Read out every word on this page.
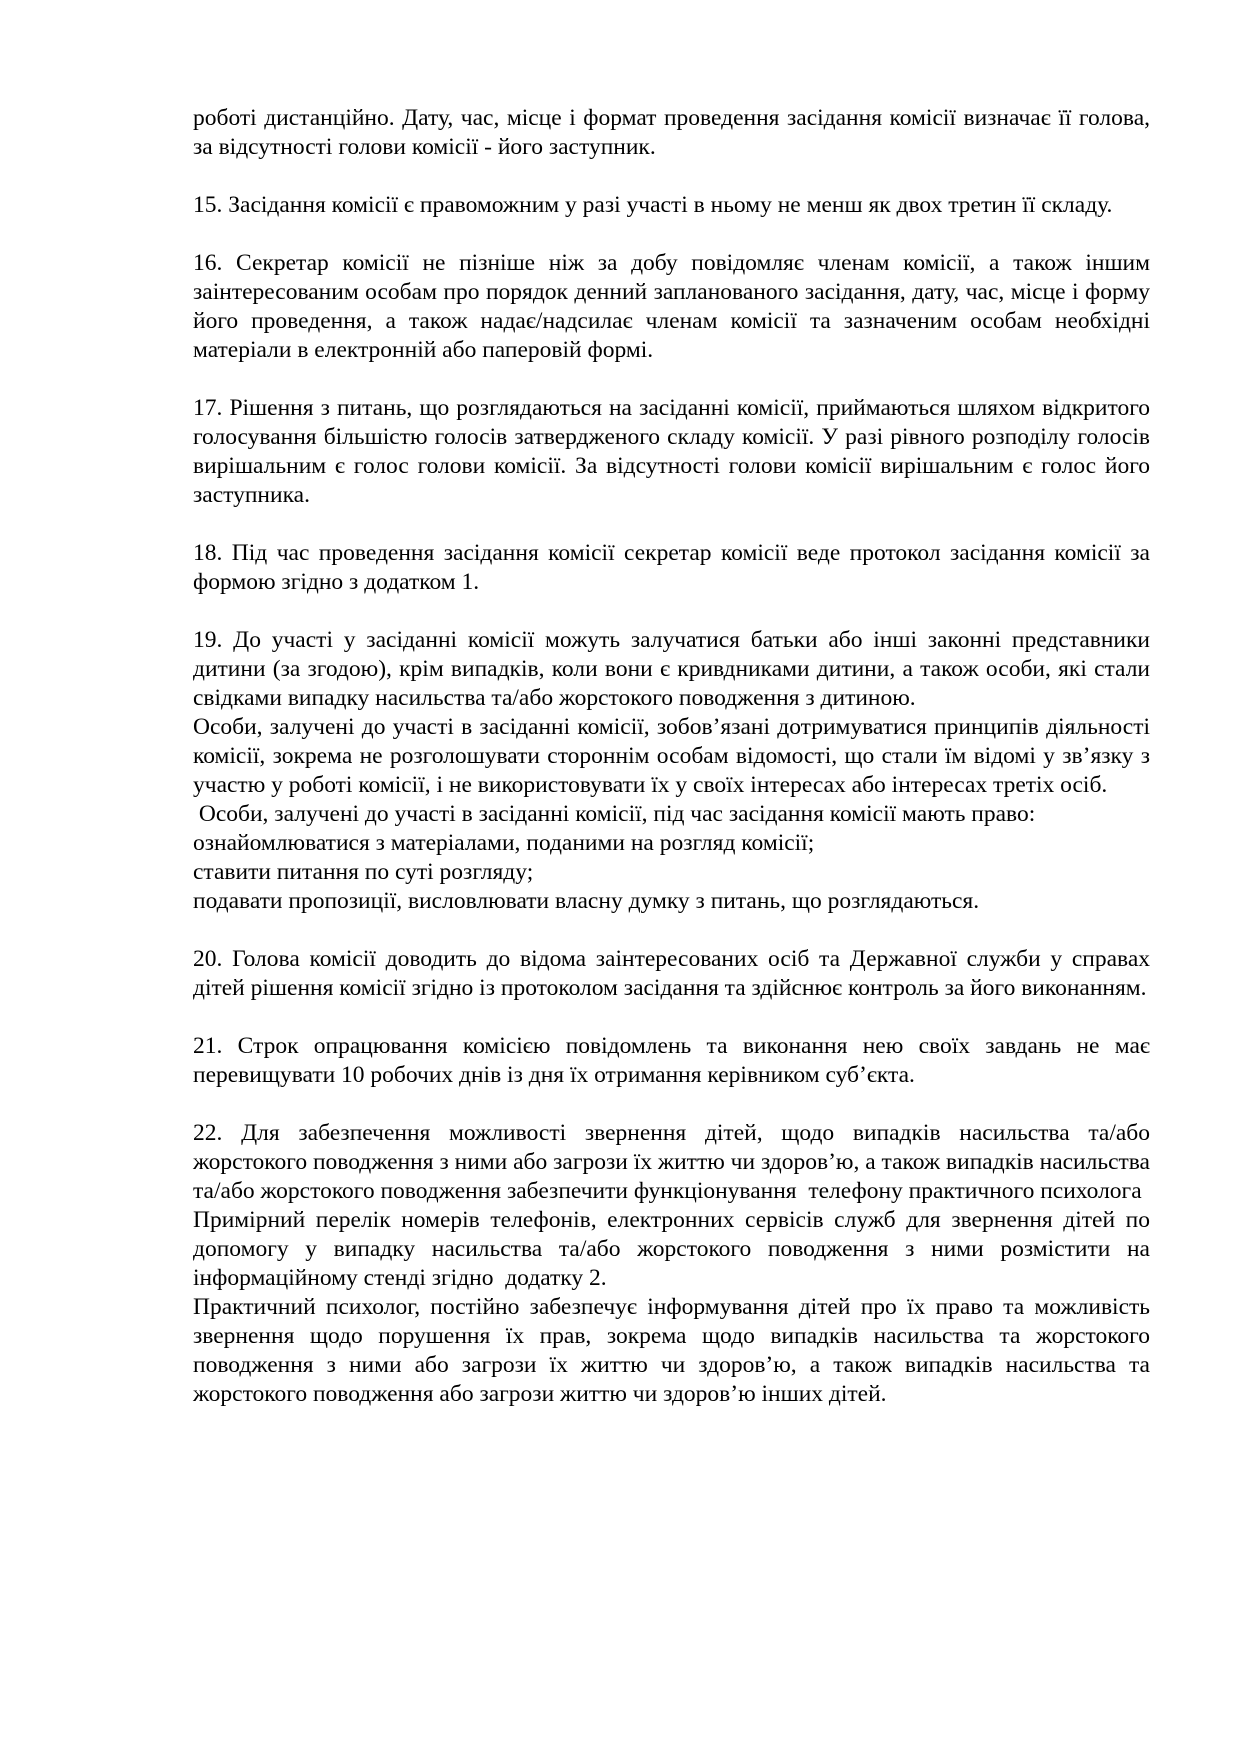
роботі дистанційно. Дату, час, місце і формат проведення засідання комісії визначає її голова, за відсутності голови комісії - його заступник.

15. Засідання комісії є правоможним у разі участі в ньому не менш як двох третин її складу.

16. Секретар комісії не пізніше ніж за добу повідомляє членам комісії, а також іншим заінтересованим особам про порядок денний запланованого засідання, дату, час, місце і форму його проведення, а також надає/надсилає членам комісії та зазначеним особам необхідні матеріали в електронній або паперовій формі.

17. Рішення з питань, що розглядаються на засіданні комісії, приймаються шляхом відкритого голосування більшістю голосів затвердженого складу комісії. У разі рівного розподілу голосів вирішальним є голос голови комісії. За відсутності голови комісії вирішальним є голос його заступника.

18. Під час проведення засідання комісії секретар комісії веде протокол засідання комісії за формою згідно з додатком 1.

19. До участі у засіданні комісії можуть залучатися батьки або інші законні представники дитини (за згодою), крім випадків, коли вони є кривдниками дитини, а також особи, які стали свідками випадку насильства та/або жорстокого поводження з дитиною.

Особи, залучені до участі в засіданні комісії, зобов’язані дотримуватися принципів діяльності комісії, зокрема не розголошувати стороннім особам відомості, що стали їм відомі у зв’язку з участю у роботі комісії, і не використовувати їх у своїх інтересах або інтересах третіх осіб.

Особи, залучені до участі в засіданні комісії, під час засідання комісії мають право:

ознайомлюватися з матеріалами, поданими на розгляд комісії;

ставити питання по суті розгляду;

подавати пропозиції, висловлювати власну думку з питань, що розглядаються.

20. Голова комісії доводить до відома заінтересованих осіб та Державної служби у справах дітей рішення комісії згідно із протоколом засідання та здійснює контроль за його виконанням.

21. Строк опрацювання комісією повідомлень та виконання нею своїх завдань не має перевищувати 10 робочих днів із дня їх отримання керівником суб’єкта.

22. Для забезпечення можливості звернення дітей, щодо випадків насильства та/або жорстокого поводження з ними або загрози їх життю чи здоров’ю, а також випадків насильства та/або жорстокого поводження забезпечити функціонування  телефону практичного психолога

Примірний перелік номерів телефонів, електронних сервісів служб для звернення дітей по допомогу у випадку насильства та/або жорстокого поводження з ними розмістити на інформаційному стенді згідно  додатку 2.

Практичний психолог, постійно забезпечує інформування дітей про їх право та можливість звернення щодо порушення їх прав, зокрема щодо випадків насильства та жорстокого поводження з ними або загрози їх життю чи здоров’ю, а також випадків насильства та жорстокого поводження або загрози життю чи здоров’ю інших дітей.
